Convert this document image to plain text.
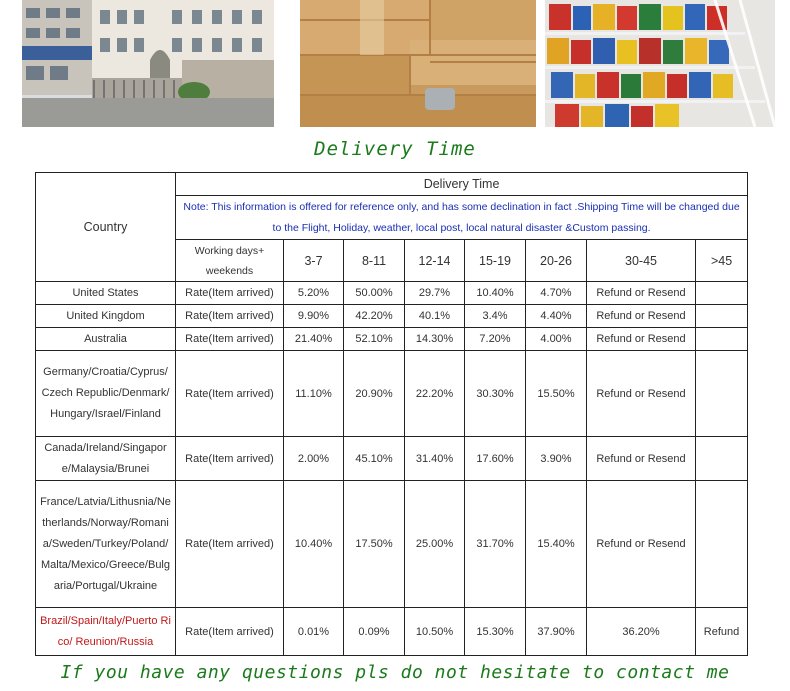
Delivery Time
Country	Delivery Time							
	Note: This information is offered for reference only, and has some declination in fact .Shipping Time will be changed due to the Flight, Holiday, weather, local post, local natural disaster &Custom passing.							
	Working days+ weekends	3-7	8-11	12-14	15-19	20-26	30-45	>45
United States	Rate(Item arrived)	5.20%	50.00%	29.7%	10.40%	4.70%	Refund or Resend	
United Kingdom	Rate(Item arrived)	9.90%	42.20%	40.1%	3.4%	4.40%	Refund or Resend	
Australia	Rate(Item arrived)	21.40%	52.10%	14.30%	7.20%	4.00%	Refund or Resend	
Germany/Croatia/Cyprus/Czech Republic/Denmark/Hungary/Israel/Finland	Rate(Item arrived)	11.10%	20.90%	22.20%	30.30%	15.50%	Refund or Resend	
Canada/Ireland/Singapore/Malaysia/Brunei	Rate(Item arrived)	2.00%	45.10%	31.40%	17.60%	3.90%	Refund or Resend	
France/Latvia/Lithusnia/Netherlands/Norway/Romania/Sweden/Turkey/Poland/Malta/Mexico/Greece/Bulgaria/Portugal/Ukraine	Rate(Item arrived)	10.40%	17.50%	25.00%	31.70%	15.40%	Refund or Resend	
Brazil/Spain/Italy/Puerto Rico/ Reunion/Russia	Rate(Item arrived)	0.01%	0.09%	10.50%	15.30%	37.90%	36.20%	Refund
If you have any questions pls do not hesitate to contact me
